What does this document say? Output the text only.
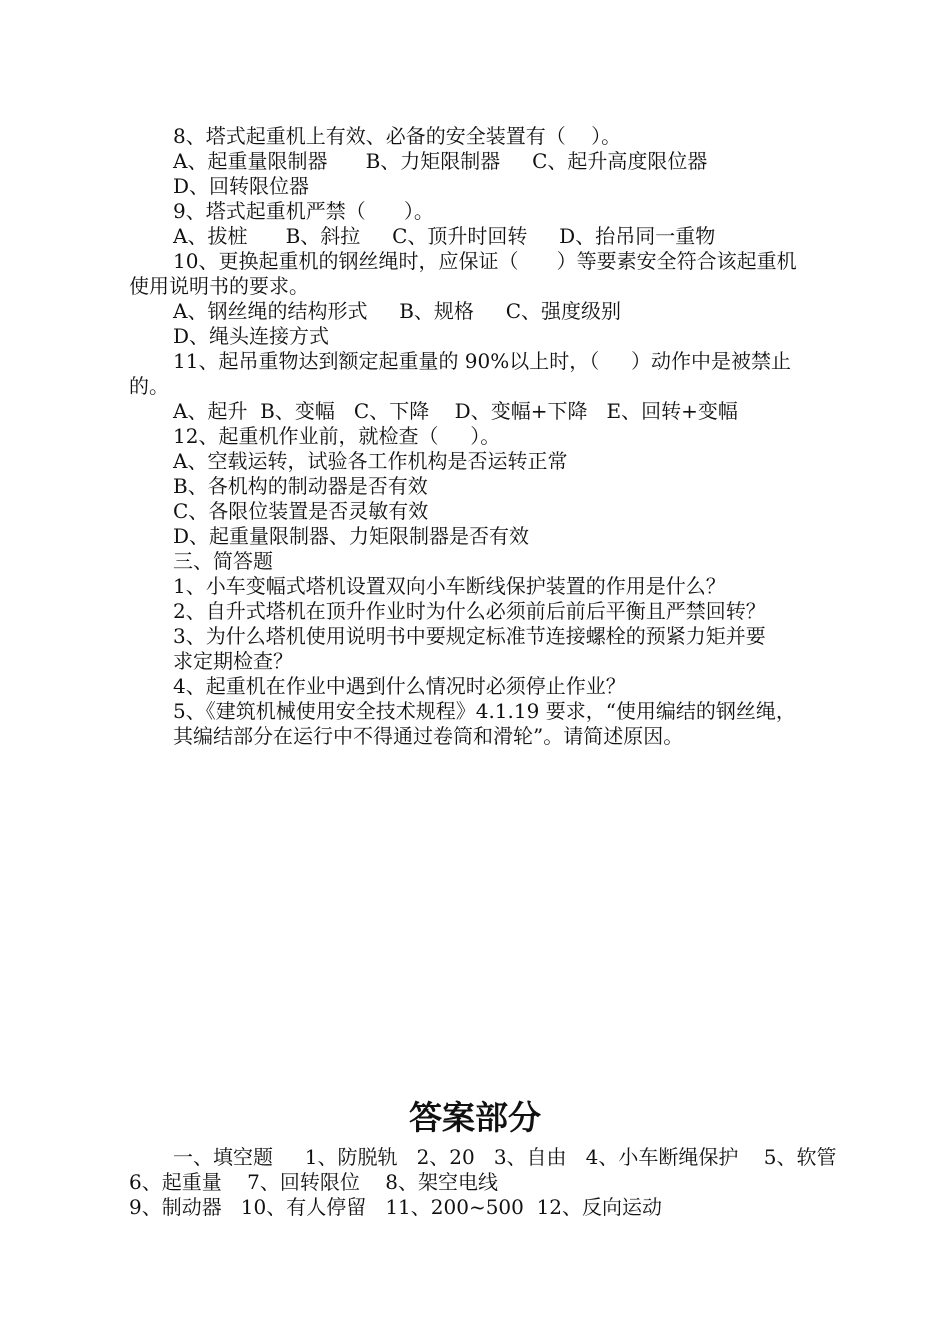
8、塔式起重机上有效、必备的安全装置有（    ）。

A、起重量限制器      B、力矩限制器     C、起升高度限位器

D、回转限位器

9、塔式起重机严禁（      ）。

A、拔桩      B、斜拉     C、顶升时回转     D、抬吊同一重物

10、更换起重机的钢丝绳时，应保证（      ）等要素安全符合该起重机

使用说明书的要求。

A、钢丝绳的结构形式     B、规格     C、强度级别

D、绳头连接方式

11、起吊重物达到额定起重量的 90%以上时，（     ）动作中是被禁止

的。

A、起升  B、变幅   C、下降    D、变幅+下降   E、回转+变幅

12、起重机作业前，就检查（     ）。

A、空载运转，试验各工作机构是否运转正常

B、各机构的制动器是否有效

C、各限位装置是否灵敏有效

D、起重量限制器、力矩限制器是否有效

三、简答题

1、小车变幅式塔机设置双向小车断线保护装置的作用是什么？

2、自升式塔机在顶升作业时为什么必须前后前后平衡且严禁回转？

3、为什么塔机使用说明书中要规定标准节连接螺栓的预紧力矩并要

求定期检查？

4、起重机在作业中遇到什么情况时必须停止作业？

5、《建筑机械使用安全技术规程》4.1.19 要求，“使用编结的钢丝绳，

其编结部分在运行中不得通过卷筒和滑轮”。请简述原因。

答案部分

一、填空题     1、防脱轨   2、20   3、自由   4、小车断绳保护    5、软管

6、起重量    7、回转限位    8、架空电线

9、制动器   10、有人停留   11、200~500  12、反向运动
